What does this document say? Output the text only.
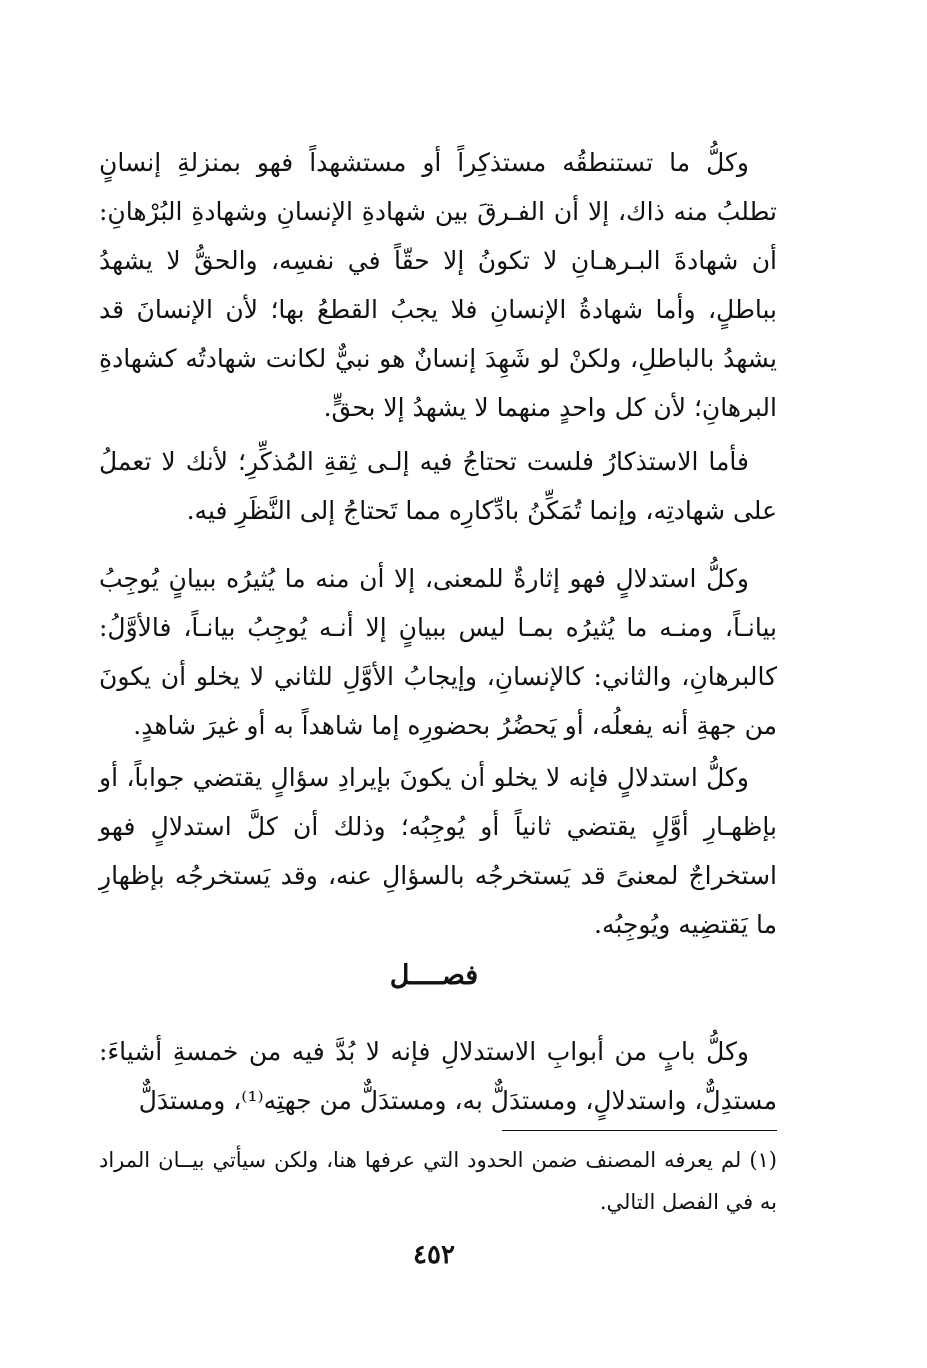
وكلُّ ما تستنطقُه مستذكِراً أو مستشهداً فهو بمنزلةِ إنسانٍ تطلبُ منه ذاك، إلا أن الفـرقَ بين شهادةِ الإنسانِ وشهادةِ البُرْهانِ: أن شهادةَ البـرهـانِ لا تكونُ إلا حقّاً في نفسِه، والحقُّ لا يشهدُ بباطلٍ، وأما شهادةُ الإنسانِ فلا يجبُ القطعُ بها؛ لأن الإنسانَ قد يشهدُ بالباطلِ، ولكنْ لو شَهِدَ إنسانٌ هو نبيٌّ لكانت شهادتُه كشهادةِ البرهانِ؛ لأن كل واحدٍ منهما لا يشهدُ إلا بحقٍّ.

فأما الاستذكارُ فلست تحتاجُ فيه إلـى ثِقةِ المُذكِّرِ؛ لأنك لا تعملُ على شهادتِه، وإنما تُمَكِّنُ بادِّكارِه مما تَحتاجُ إلى النَّظَرِ فيه.

وكلُّ استدلالٍ فهو إثارةٌ للمعنى، إلا أن منه ما يُثيرُه ببيانٍ يُوجِبُ بيانـاً، ومنـه ما يُثيرُه بمـا ليس ببيانٍ إلا أنـه يُوجِبُ بيانـاً، فالأوَّلُ: كالبرهانِ، والثاني: كالإنسانِ، وإيجابُ الأوَّلِ للثاني لا يخلو أن يكونَ من جهةِ أنه يفعلُه، أو يَحضُرُ بحضورِه إما شاهداً به أو غيرَ شاهدٍ.

وكلُّ استدلالٍ فإنه لا يخلو أن يكونَ بإيرادِ سؤالٍ يقتضي جواباً، أو بإظهـارِ أوَّلٍ يقتضي ثانياً أو يُوجِبُه؛ وذلك أن كلَّ استدلالٍ فهو استخراجٌ لمعنىً قد يَستخرجُه بالسؤالِ عنه، وقد يَستخرجُه بإظهارِ ما يَقتضِيه ويُوجِبُه.

فصــــل

وكلُّ بابٍ من أبوابِ الاستدلالِ فإنه لا بُدَّ فيه من خمسةِ أشياءَ: مستدِلٌّ، واستدلالٍ، ومستدَلٌّ به، ومستدَلٌّ من جهتِه⁽¹⁾، ومستدَلٌّ

(١) لم يعرفه المصنف ضمن الحدود التي عرفها هنا، ولكن سيأتي بيــان المراد به في الفصل التالي.

٤٥٢
